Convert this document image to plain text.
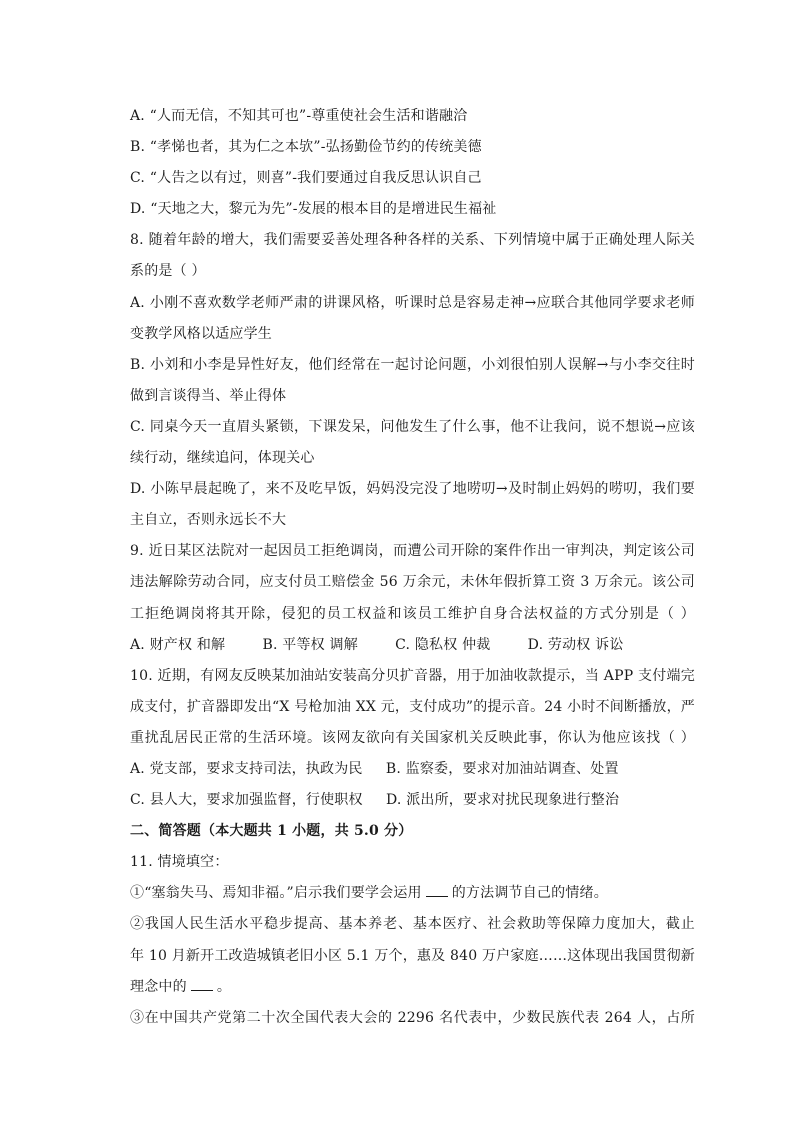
A. “人而无信，不知其可也”-尊重使社会生活和谐融洽
B. “孝悌也者，其为仁之本欤”-弘扬勤俭节约的传统美德
C. “人告之以有过，则喜”-我们要通过自我反思认识自己
D. “天地之大，黎元为先”-发展的根本目的是增进民生福祉
8. 随着年龄的增大，我们需要妥善处理各种各样的关系、下列情境中属于正确处理人际关
系的是（ ）
A. 小刚不喜欢数学老师严肃的讲课风格，听课时总是容易走神→应联合其他同学要求老师
变教学风格以适应学生
B. 小刘和小李是异性好友，他们经常在一起讨论问题，小刘很怕别人误解→与小李交往时
做到言谈得当、举止得体
C. 同桌今天一直眉头紧锁，下课发呆，问他发生了什么事，他不让我问，说不想说→应该
续行动，继续追问，体现关心
D. 小陈早晨起晚了，来不及吃早饭，妈妈没完没了地唠叨→及时制止妈妈的唠叨，我们要
主自立，否则永远长不大
9. 近日某区法院对一起因员工拒绝调岗，而遭公司开除的案件作出一审判决，判定该公司
违法解除劳动合同，应支付员工赔偿金 56 万余元，未休年假折算工资 3 万余元。该公司
工拒绝调岗将其开除，侵犯的员工权益和该员工维护自身合法权益的方式分别是（ ）
A. 财产权 和解        B. 平等权 调解        C. 隐私权 仲裁        D. 劳动权 诉讼
10. 近期，有网友反映某加油站安装高分贝扩音器，用于加油收款提示，当 APP 支付端完
成支付，扩音器即发出“X 号枪加油 XX 元，支付成功”的提示音。24 小时不间断播放，严
重扰乱居民正常的生活环境。该网友欲向有关国家机关反映此事，你认为他应该找（ ）
A. 党支部，要求支持司法，执政为民     B. 监察委，要求对加油站调查、处置
C. 县人大，要求加强监督，行使职权     D. 派出所，要求对扰民现象进行整治
二、简答题（本大题共 1 小题，共 5.0 分）
11. 情境填空：
①“塞翁失马、焉知非福。”启示我们要学会运用 的方法调节自己的情绪。
②我国人民生活水平稳步提高、基本养老、基本医疗、社会救助等保障力度加大，截止
年 10 月新开工改造城镇老旧小区 5.1 万个，惠及 840 万户家庭……这体现出我国贯彻新
理念中的 。
③在中国共产党第二十次全国代表大会的 2296 名代表中，少数民族代表 264 人，占所
